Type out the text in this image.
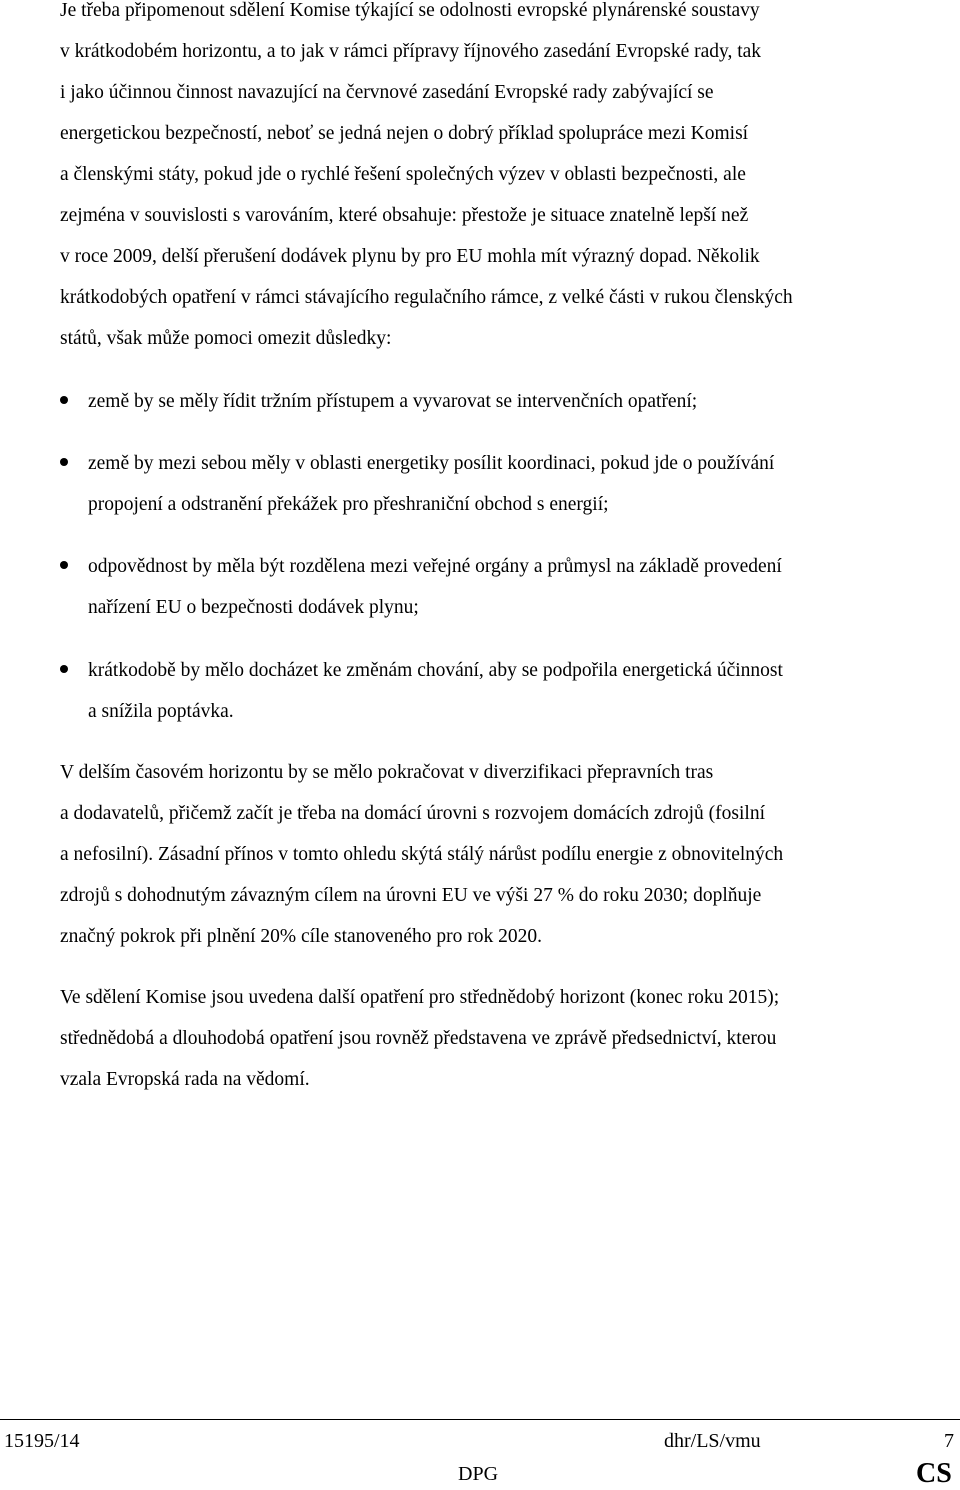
Je třeba připomenout sdělení Komise týkající se odolnosti evropské plynárenské soustavy
v krátkodobém horizontu, a to jak v rámci přípravy říjnového zasedání Evropské rady, tak
i jako účinnou činnost navazující na červnové zasedání Evropské rady zabývající se
energetickou bezpečností, neboť se jedná nejen o dobrý příklad spolupráce mezi Komisí
a členskými státy, pokud jde o rychlé řešení společných výzev v oblasti bezpečnosti, ale
zejména v souvislosti s varováním, které obsahuje: přestože je situace znatelně lepší než
v roce 2009, delší přerušení dodávek plynu by pro EU mohla mít výrazný dopad. Několik
krátkodobých opatření v rámci stávajícího regulačního rámce, z velké části v rukou členských
států, však může pomoci omezit důsledky:
země by se měly řídit tržním přístupem a vyvarovat se intervenčních opatření;
země by mezi sebou měly v oblasti energetiky posílit koordinaci, pokud jde o používání
propojení a odstranění překážek pro přeshraniční obchod s energií;
odpovědnost by měla být rozdělena mezi veřejné orgány a průmysl na základě provedení
nařízení EU o bezpečnosti dodávek plynu;
krátkodobě by mělo docházet ke změnám chování, aby se podpořila energetická účinnost
a snížila poptávka.
V delším časovém horizontu by se mělo pokračovat v diverzifikaci přepravních tras
a dodavatelů, přičemž začít je třeba na domácí úrovni s rozvojem domácích zdrojů (fosilní
a nefosilní). Zásadní přínos v tomto ohledu skýtá stálý nárůst podílu energie z obnovitelných
zdrojů s dohodnutým závazným cílem na úrovni EU ve výši 27 % do roku 2030; doplňuje
značný pokrok při plnění 20% cíle stanoveného pro rok 2020.
Ve sdělení Komise jsou uvedena další opatření pro střednědobý horizont (konec roku 2015);
střednědobá a dlouhodobá opatření jsou rovněž představena ve zprávě předsednictví, kterou
vzala Evropská rada na vědomí.
15195/14	dhr/LS/vmu	7
DPG	CS
